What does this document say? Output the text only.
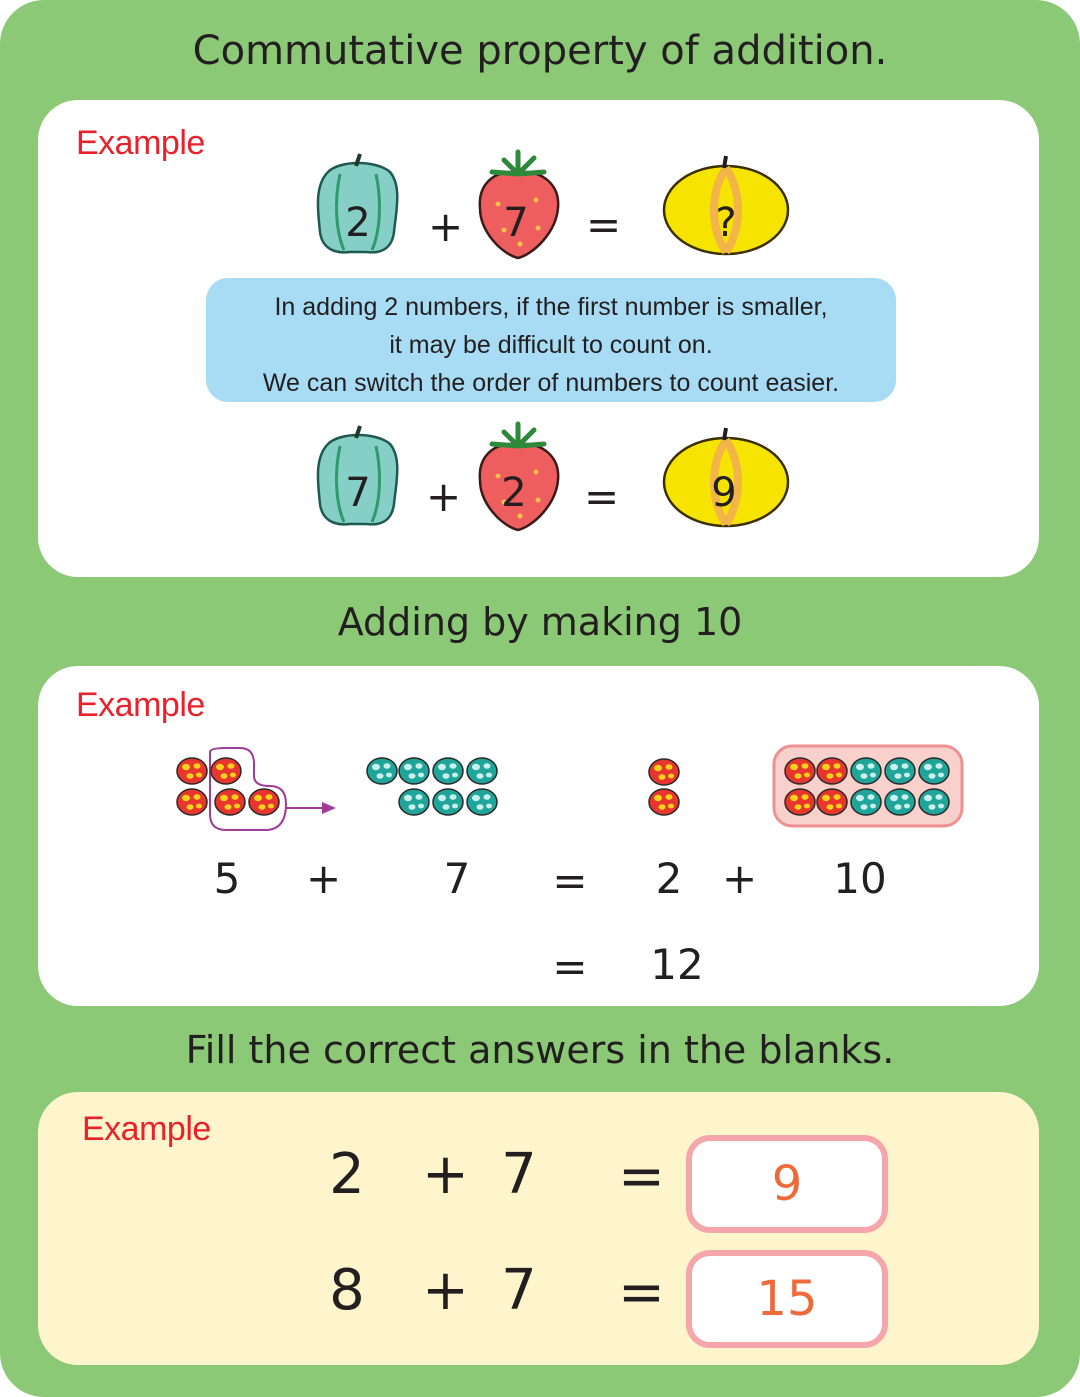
Commutative property of addition.
Example
2	+	7	=	?
In adding 2 numbers, if the first number is smaller,
it may be difficult to count on.
We can switch the order of numbers to count easier.
7	+	2	=	9
Adding by making 10
Example
5 + 7 = 2 +	10
= 12
Fill the correct answers in the blanks.
Example
2 + 7 =	9
8 + 7 =	15
